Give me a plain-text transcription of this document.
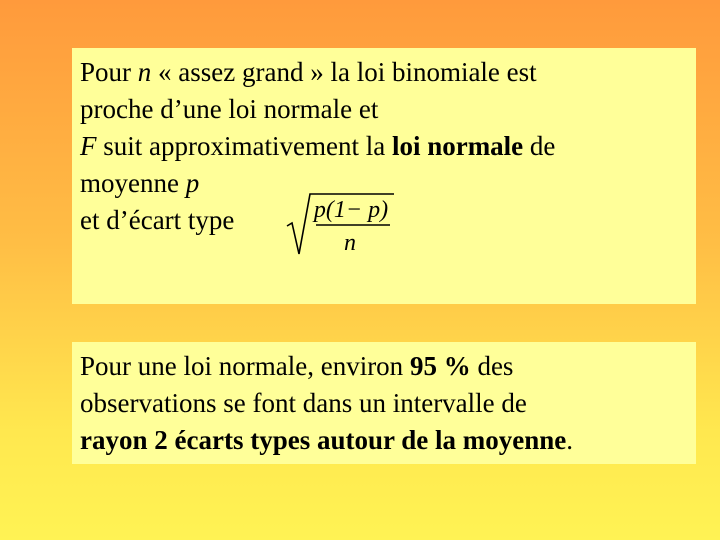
Pour n « assez grand » la loi binomiale est
proche d’une loi normale et
F suit approximativement la loi normale de
moyenne p
et d’écart type	p(1− p)
n
Pour une loi normale, environ 95 % des
observations se font dans un intervalle de
rayon 2 écarts types autour de la moyenne.
